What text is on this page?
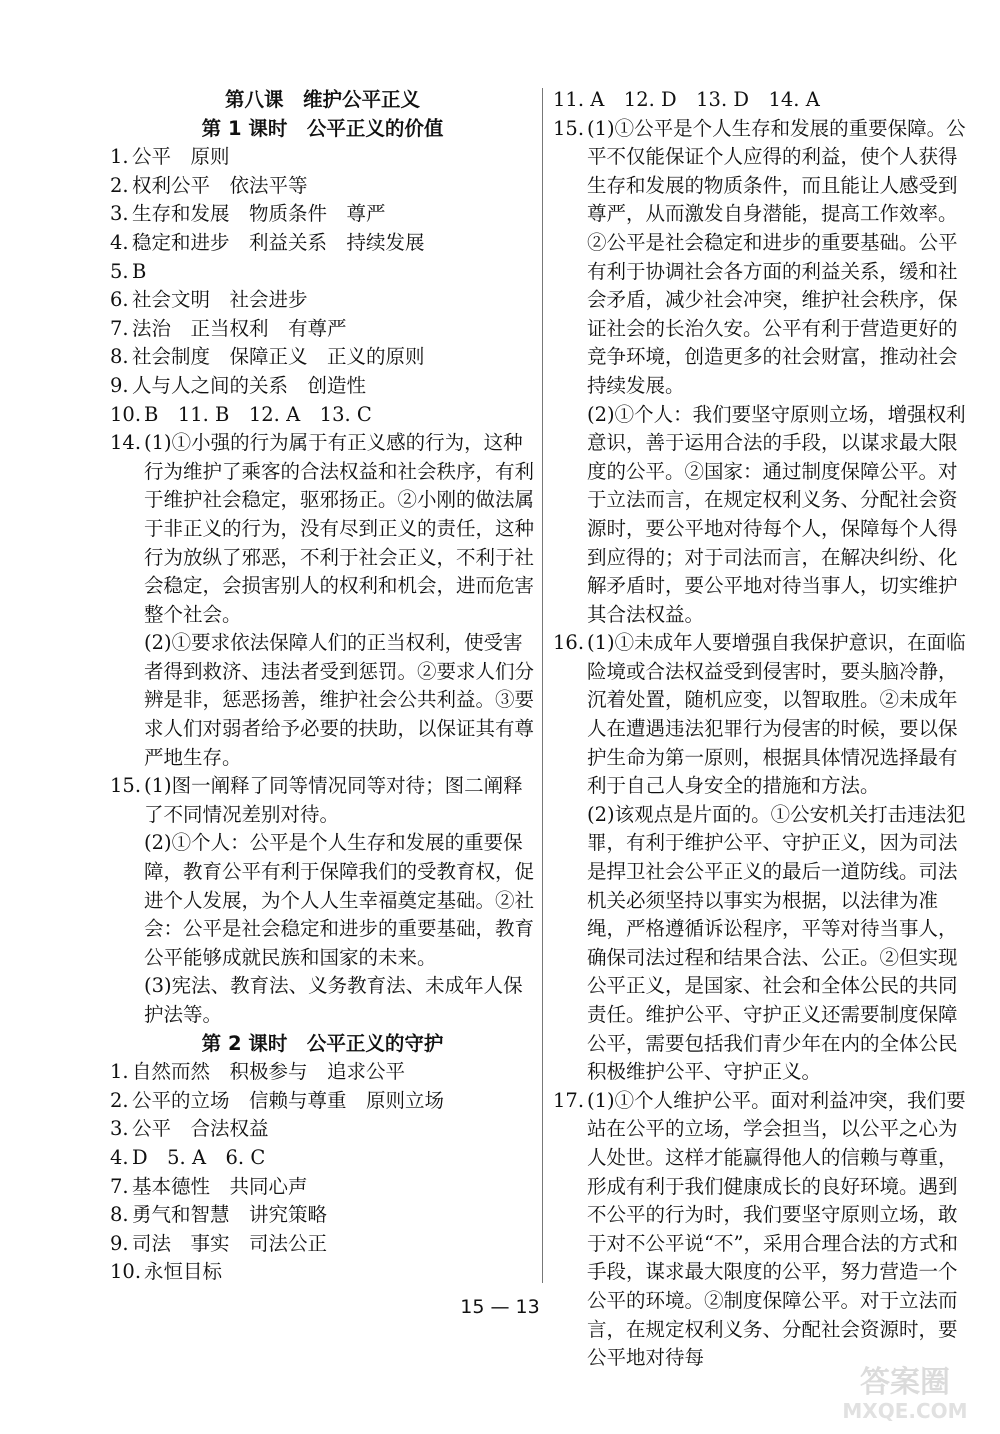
第八课　维护公平正义
第 1 课时　公平正义的价值
1. 公平　原则
2. 权利公平　依法平等
3. 生存和发展　物质条件　尊严
4. 稳定和进步　利益关系　持续发展
5. B
6. 社会文明　社会进步
7. 法治　正当权利　有尊严
8. 社会制度　保障正义　正义的原则
9. 人与人之间的关系　创造性
10. B　11. B　12. A　13. C
14. (1)①小强的行为属于有正义感的行为，这种行为维护了乘客的合法权益和社会秩序，有利于维护社会稳定，驱邪扬正。②小刚的做法属于非正义的行为，没有尽到正义的责任，这种行为放纵了邪恶，不利于社会正义，不利于社会稳定，会损害别人的权利和机会，进而危害整个社会。
(2)①要求依法保障人们的正当权利，使受害者得到救济、违法者受到惩罚。②要求人们分辨是非，惩恶扬善，维护社会公共利益。③要求人们对弱者给予必要的扶助，以保证其有尊严地生存。
15. (1)图一阐释了同等情况同等对待；图二阐释了不同情况差别对待。
(2)①个人：公平是个人生存和发展的重要保障，教育公平有利于保障我们的受教育权，促进个人发展，为个人人生幸福奠定基础。②社会：公平是社会稳定和进步的重要基础，教育公平能够成就民族和国家的未来。
(3)宪法、教育法、义务教育法、未成年人保护法等。
第 2 课时　公平正义的守护
1. 自然而然　积极参与　追求公平
2. 公平的立场　信赖与尊重　原则立场
3. 公平　合法权益
4. D　5. A　6. C
7. 基本德性　共同心声
8. 勇气和智慧　讲究策略
9. 司法　事实　司法公正
10. 永恒目标
11. A　12. D　13. D　14. A
15. (1)①公平是个人生存和发展的重要保障。公平不仅能保证个人应得的利益，使个人获得生存和发展的物质条件，而且能让人感受到尊严，从而激发自身潜能，提高工作效率。②公平是社会稳定和进步的重要基础。公平有利于协调社会各方面的利益关系，缓和社会矛盾，减少社会冲突，维护社会秩序，保证社会的长治久安。公平有利于营造更好的竞争环境，创造更多的社会财富，推动社会持续发展。
(2)①个人：我们要坚守原则立场，增强权利意识，善于运用合法的手段，以谋求最大限度的公平。②国家：通过制度保障公平。对于立法而言，在规定权利义务、分配社会资源时，要公平地对待每个人，保障每个人得到应得的；对于司法而言，在解决纠纷、化解矛盾时，要公平地对待当事人，切实维护其合法权益。
16. (1)①未成年人要增强自我保护意识，在面临险境或合法权益受到侵害时，要头脑冷静，沉着处置，随机应变，以智取胜。②未成年人在遭遇违法犯罪行为侵害的时候，要以保护生命为第一原则，根据具体情况选择最有利于自己人身安全的措施和方法。
(2)该观点是片面的。①公安机关打击违法犯罪，有利于维护公平、守护正义，因为司法是捍卫社会公平正义的最后一道防线。司法机关必须坚持以事实为根据，以法律为准绳，严格遵循诉讼程序，平等对待当事人，确保司法过程和结果合法、公正。②但实现公平正义，是国家、社会和全体公民的共同责任。维护公平、守护正义还需要制度保障公平，需要包括我们青少年在内的全体公民积极维护公平、守护正义。
17. (1)①个人维护公平。面对利益冲突，我们要站在公平的立场，学会担当，以公平之心为人处世。这样才能赢得他人的信赖与尊重，形成有利于我们健康成长的良好环境。遇到不公平的行为时，我们要坚守原则立场，敢于对不公平说“不”，采用合理合法的方式和手段，谋求最大限度的公平，努力营造一个公平的环境。②制度保障公平。对于立法而言，在规定权利义务、分配社会资源时，要公平地对待每
15 — 13
答案圈
MXQE.COM
